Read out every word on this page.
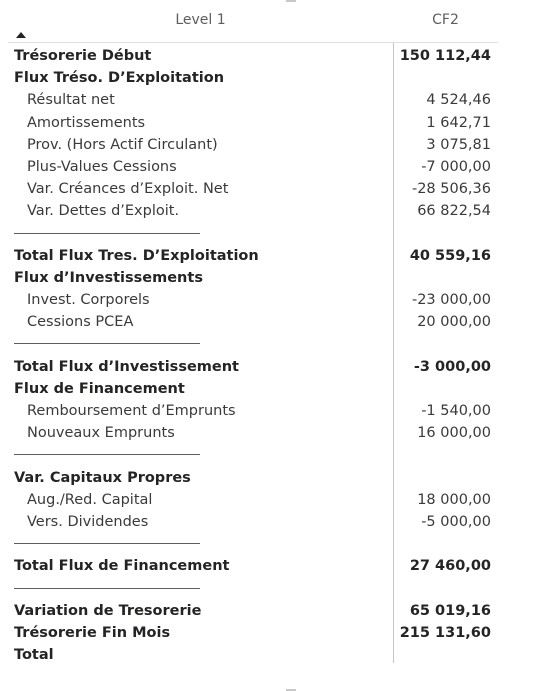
Level 1	CF2
Trésorerie Début	150 112,44
Flux Tréso. D’Exploitation
Résultat net	4 524,46
Amortissements	1 642,71
Prov. (Hors Actif Circulant)	3 075,81
Plus-Values Cessions	-7 000,00
Var. Créances d’Exploit. Net	-28 506,36
Var. Dettes d’Exploit.	66 822,54
Total Flux Tres. D’Exploitation	40 559,16
Flux d’Investissements
Invest. Corporels	-23 000,00
Cessions PCEA	20 000,00
Total Flux d’Investissement	-3 000,00
Flux de Financement
Remboursement d’Emprunts	-1 540,00
Nouveaux Emprunts	16 000,00
Var. Capitaux Propres
Aug./Red. Capital	18 000,00
Vers. Dividendes	-5 000,00
Total Flux de Financement	27 460,00
Variation de Tresorerie	65 019,16
Trésorerie Fin Mois	215 131,60
Total
